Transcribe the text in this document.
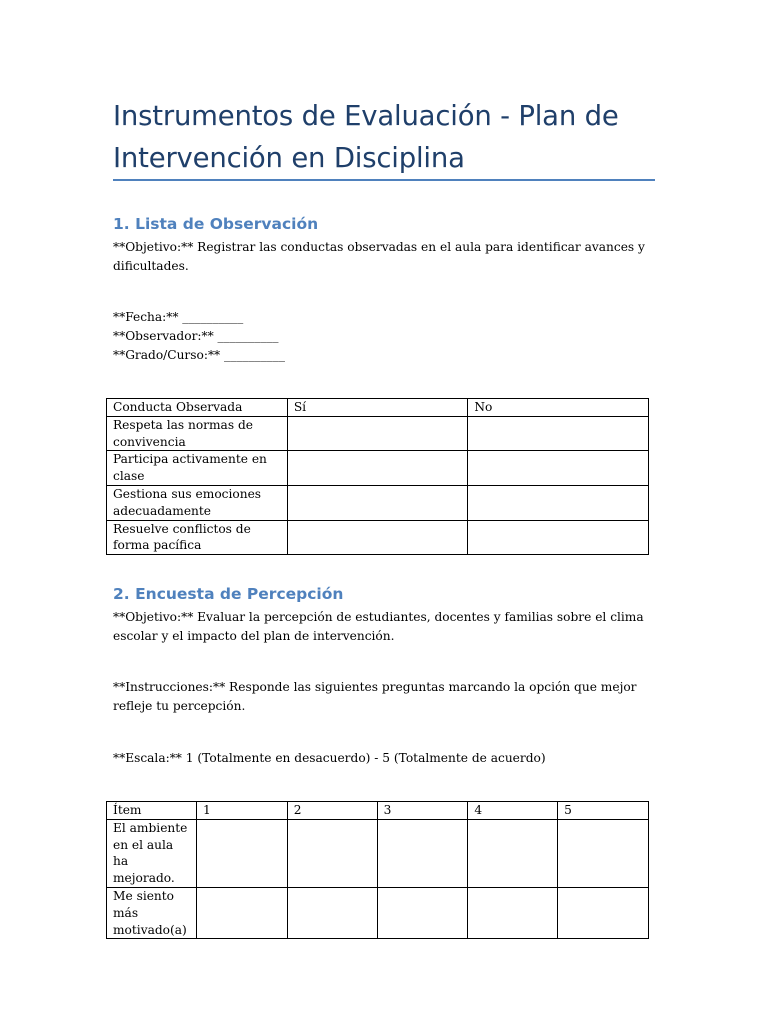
Instrumentos de Evaluación - Plan de Intervención en Disciplina
1. Lista de Observación

**Objetivo:** Registrar las conductas observadas en el aula para identificar avances y dificultades.

**Fecha:** __________

**Observador:** __________

**Grado/Curso:** __________

Conducta Observada	Sí	No
Respeta las normas de convivencia		
Participa activamente en clase		
Gestiona sus emociones adecuadamente		
Resuelve conflictos de forma pacífica		
2. Encuesta de Percepción

**Objetivo:** Evaluar la percepción de estudiantes, docentes y familias sobre el clima escolar y el impacto del plan de intervención.

**Instrucciones:** Responde las siguientes preguntas marcando la opción que mejor refleje tu percepción.

**Escala:** 1 (Totalmente en desacuerdo) - 5 (Totalmente de acuerdo)

Ítem	1	2	3	4	5
El ambiente en el aula ha mejorado.					
Me siento más motivado(a)					
